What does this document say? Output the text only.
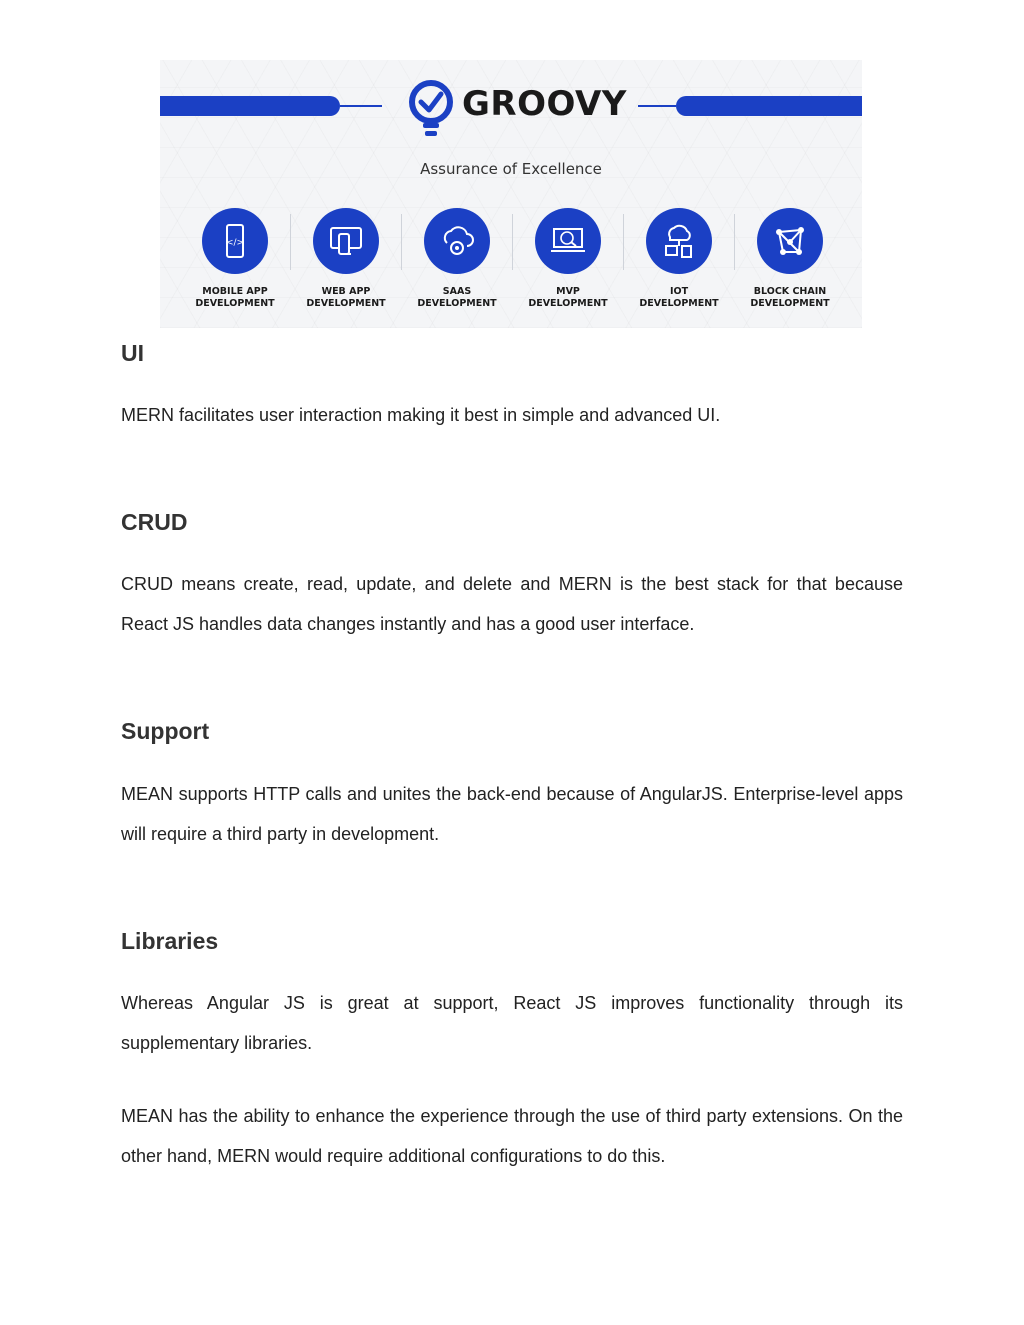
GROOVY
Assurance of Excellence
</>
MOBILE APP
DEVELOPMENT
WEB APP
DEVELOPMENT
SAAS
DEVELOPMENT
MVP
DEVELOPMENT
IOT
DEVELOPMENT
BLOCK CHAIN
DEVELOPMENT
UI

MERN facilitates user interaction making it best in simple and advanced UI.

CRUD

CRUD means create, read, update, and delete and MERN is the best stack for that because React JS handles data changes instantly and has a good user interface.

Support

MEAN supports HTTP calls and unites the back-end because of AngularJS. Enterprise-level apps will require a third party in development.

Libraries

Whereas Angular JS is great at support, React JS improves functionality through its supplementary libraries.

MEAN has the ability to enhance the experience through the use of third party extensions. On the other hand, MERN would require additional configurations to do this.
